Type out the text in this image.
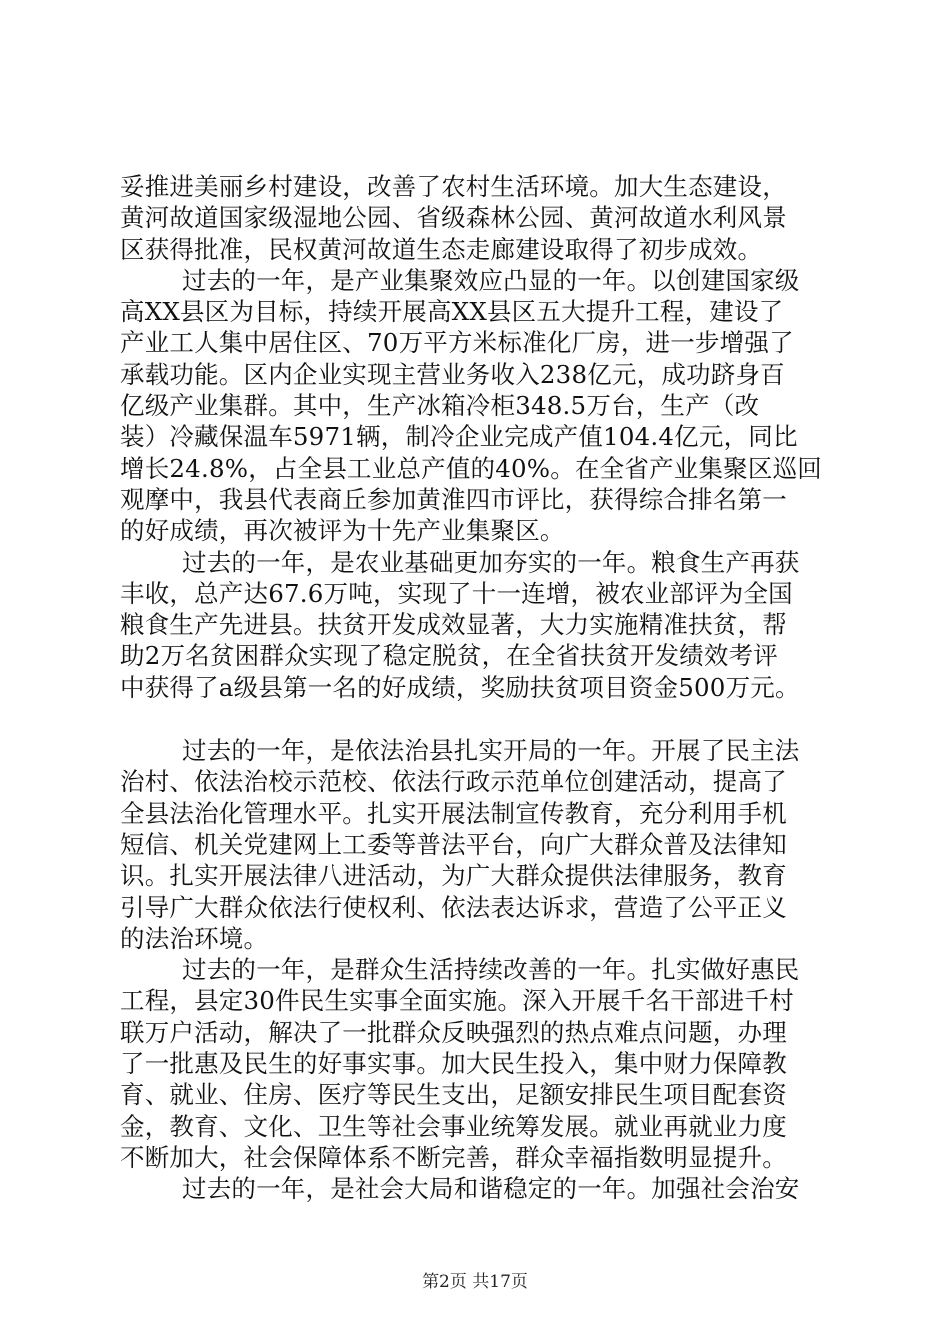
妥推进美丽乡村建设，改善了农村生活环境。加大生态建设，
黄河故道国家级湿地公园、省级森林公园、黄河故道水利风景
区获得批准，民权黄河故道生态走廊建设取得了初步成效。
过去的一年，是产业集聚效应凸显的一年。以创建国家级
高XX县区为目标，持续开展高XX县区五大提升工程，建设了
产业工人集中居住区、70万平方米标准化厂房，进一步增强了
承载功能。区内企业实现主营业务收入238亿元，成功跻身百
亿级产业集群。其中，生产冰箱冷柜348.5万台，生产（改
装）冷藏保温车5971辆，制冷企业完成产值104.4亿元，同比
增长24.8%，占全县工业总产值的40%。在全省产业集聚区巡回
观摩中，我县代表商丘参加黄淮四市评比，获得综合排名第一
的好成绩，再次被评为十先产业集聚区。
过去的一年，是农业基础更加夯实的一年。粮食生产再获
丰收，总产达67.6万吨，实现了十一连增，被农业部评为全国
粮食生产先进县。扶贫开发成效显著，大力实施精准扶贫，帮
助2万名贫困群众实现了稳定脱贫，在全省扶贫开发绩效考评
中获得了a级县第一名的好成绩，奖励扶贫项目资金500万元。
过去的一年，是依法治县扎实开局的一年。开展了民主法
治村、依法治校示范校、依法行政示范单位创建活动，提高了
全县法治化管理水平。扎实开展法制宣传教育，充分利用手机
短信、机关党建网上工委等普法平台，向广大群众普及法律知
识。扎实开展法律八进活动，为广大群众提供法律服务，教育
引导广大群众依法行使权利、依法表达诉求，营造了公平正义
的法治环境。
过去的一年，是群众生活持续改善的一年。扎实做好惠民
工程，县定30件民生实事全面实施。深入开展千名干部进千村
联万户活动，解决了一批群众反映强烈的热点难点问题，办理
了一批惠及民生的好事实事。加大民生投入，集中财力保障教
育、就业、住房、医疗等民生支出，足额安排民生项目配套资
金，教育、文化、卫生等社会事业统筹发展。就业再就业力度
不断加大，社会保障体系不断完善，群众幸福指数明显提升。
过去的一年，是社会大局和谐稳定的一年。加强社会治安
第2页 共17页
